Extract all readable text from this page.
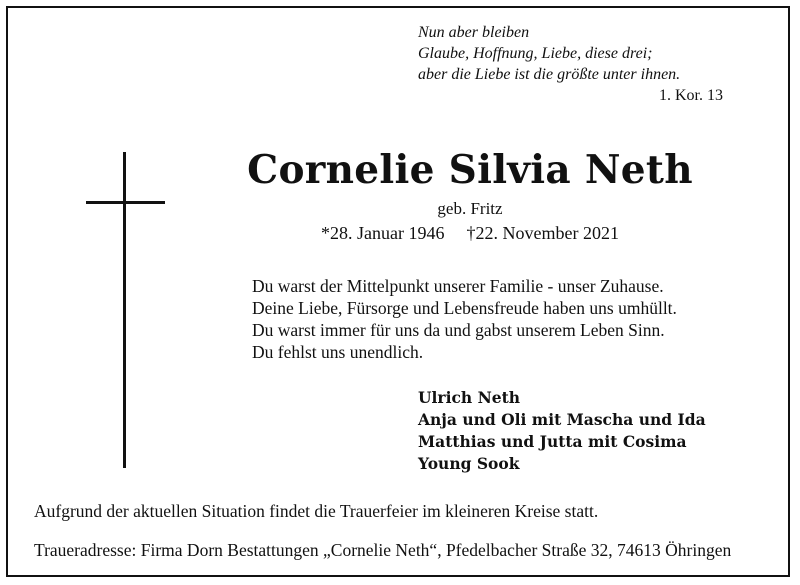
Nun aber bleiben
Glaube, Hoffnung, Liebe, diese drei;
aber die Liebe ist die größte unter ihnen.
1. Kor. 13
Cornelie Silvia Neth
geb. Fritz
*28. Januar 1946 †22. November 2021
Du warst der Mittelpunkt unserer Familie - unser Zuhause.
Deine Liebe, Fürsorge und Lebensfreude haben uns umhüllt.
Du warst immer für uns da und gabst unserem Leben Sinn.
Du fehlst uns unendlich.
Ulrich Neth
Anja und Oli mit Mascha und Ida
Matthias und Jutta mit Cosima
Young Sook
Aufgrund der aktuellen Situation findet die Trauerfeier im kleineren Kreise statt.
Traueradresse: Firma Dorn Bestattungen „Cornelie Neth“, Pfedelbacher Straße 32, 74613 Öhringen
